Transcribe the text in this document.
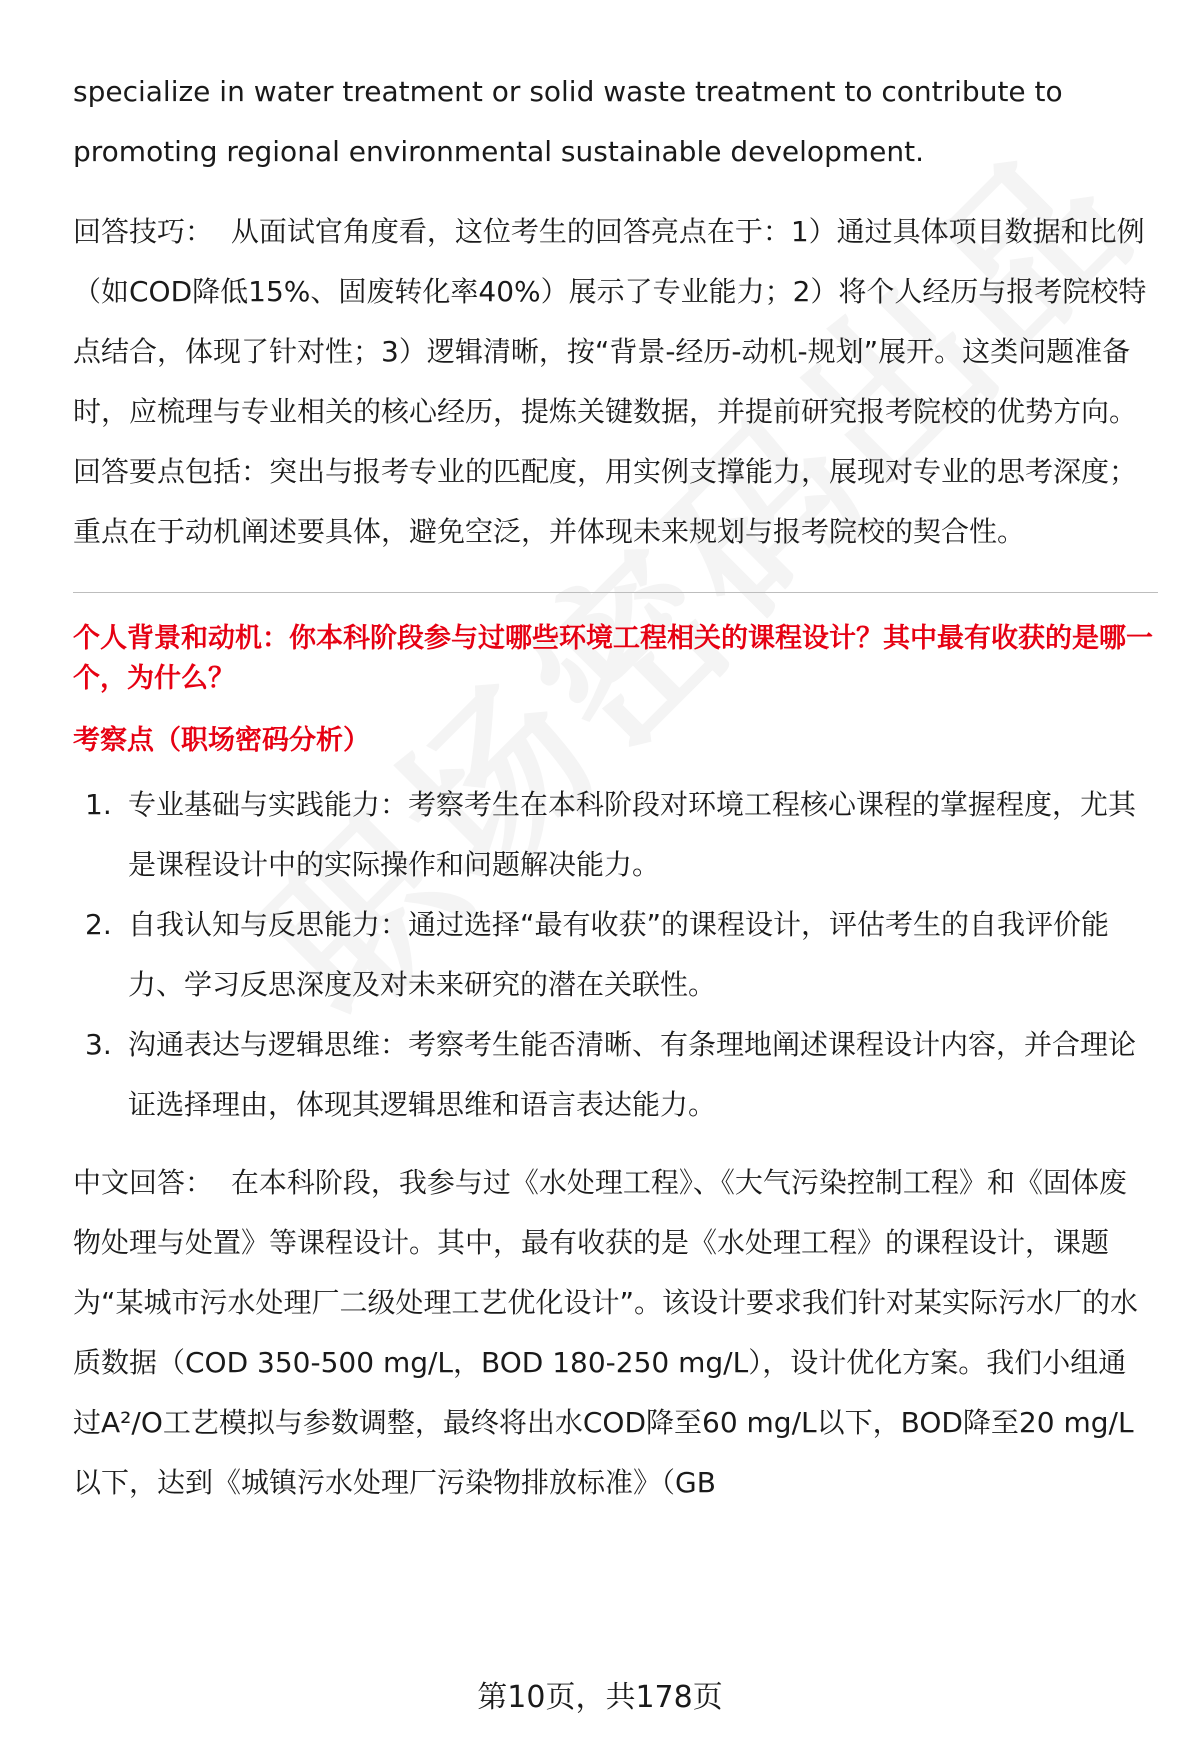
specialize in water treatment or solid waste treatment to contribute to promoting regional environmental sustainable development.

回答技巧： 从面试官角度看，这位考生的回答亮点在于：1）通过具体项目数据和比例（如COD降低15%、固废转化率40%）展示了专业能力；2）将个人经历与报考院校特点结合，体现了针对性；3）逻辑清晰，按“背景-经历-动机-规划”展开。这类问题准备时，应梳理与专业相关的核心经历，提炼关键数据，并提前研究报考院校的优势方向。回答要点包括：突出与报考专业的匹配度，用实例支撑能力，展现对专业的思考深度；重点在于动机阐述要具体，避免空泛，并体现未来规划与报考院校的契合性。

个人背景和动机：你本科阶段参与过哪些环境工程相关的课程设计？其中最有收获的是哪一个，为什么？

考察点（职场密码分析）

1. 专业基础与实践能力：考察考生在本科阶段对环境工程核心课程的掌握程度，尤其是课程设计中的实际操作和问题解决能力。
2. 自我认知与反思能力：通过选择“最有收获”的课程设计，评估考生的自我评价能力、学习反思深度及对未来研究的潜在关联性。
3. 沟通表达与逻辑思维：考察考生能否清晰、有条理地阐述课程设计内容，并合理论证选择理由，体现其逻辑思维和语言表达能力。

中文回答： 在本科阶段，我参与过《水处理工程》、《大气污染控制工程》和《固体废物处理与处置》等课程设计。其中，最有收获的是《水处理工程》的课程设计，课题为“某城市污水处理厂二级处理工艺优化设计”。该设计要求我们针对某实际污水厂的水质数据（COD 350-500 mg/L，BOD 180-250 mg/L），设计优化方案。我们小组通过A²/O工艺模拟与参数调整，最终将出水COD降至60 mg/L以下，BOD降至20 mg/L以下，达到《城镇污水处理厂污染物排放标准》（GB

第10页，共178页
